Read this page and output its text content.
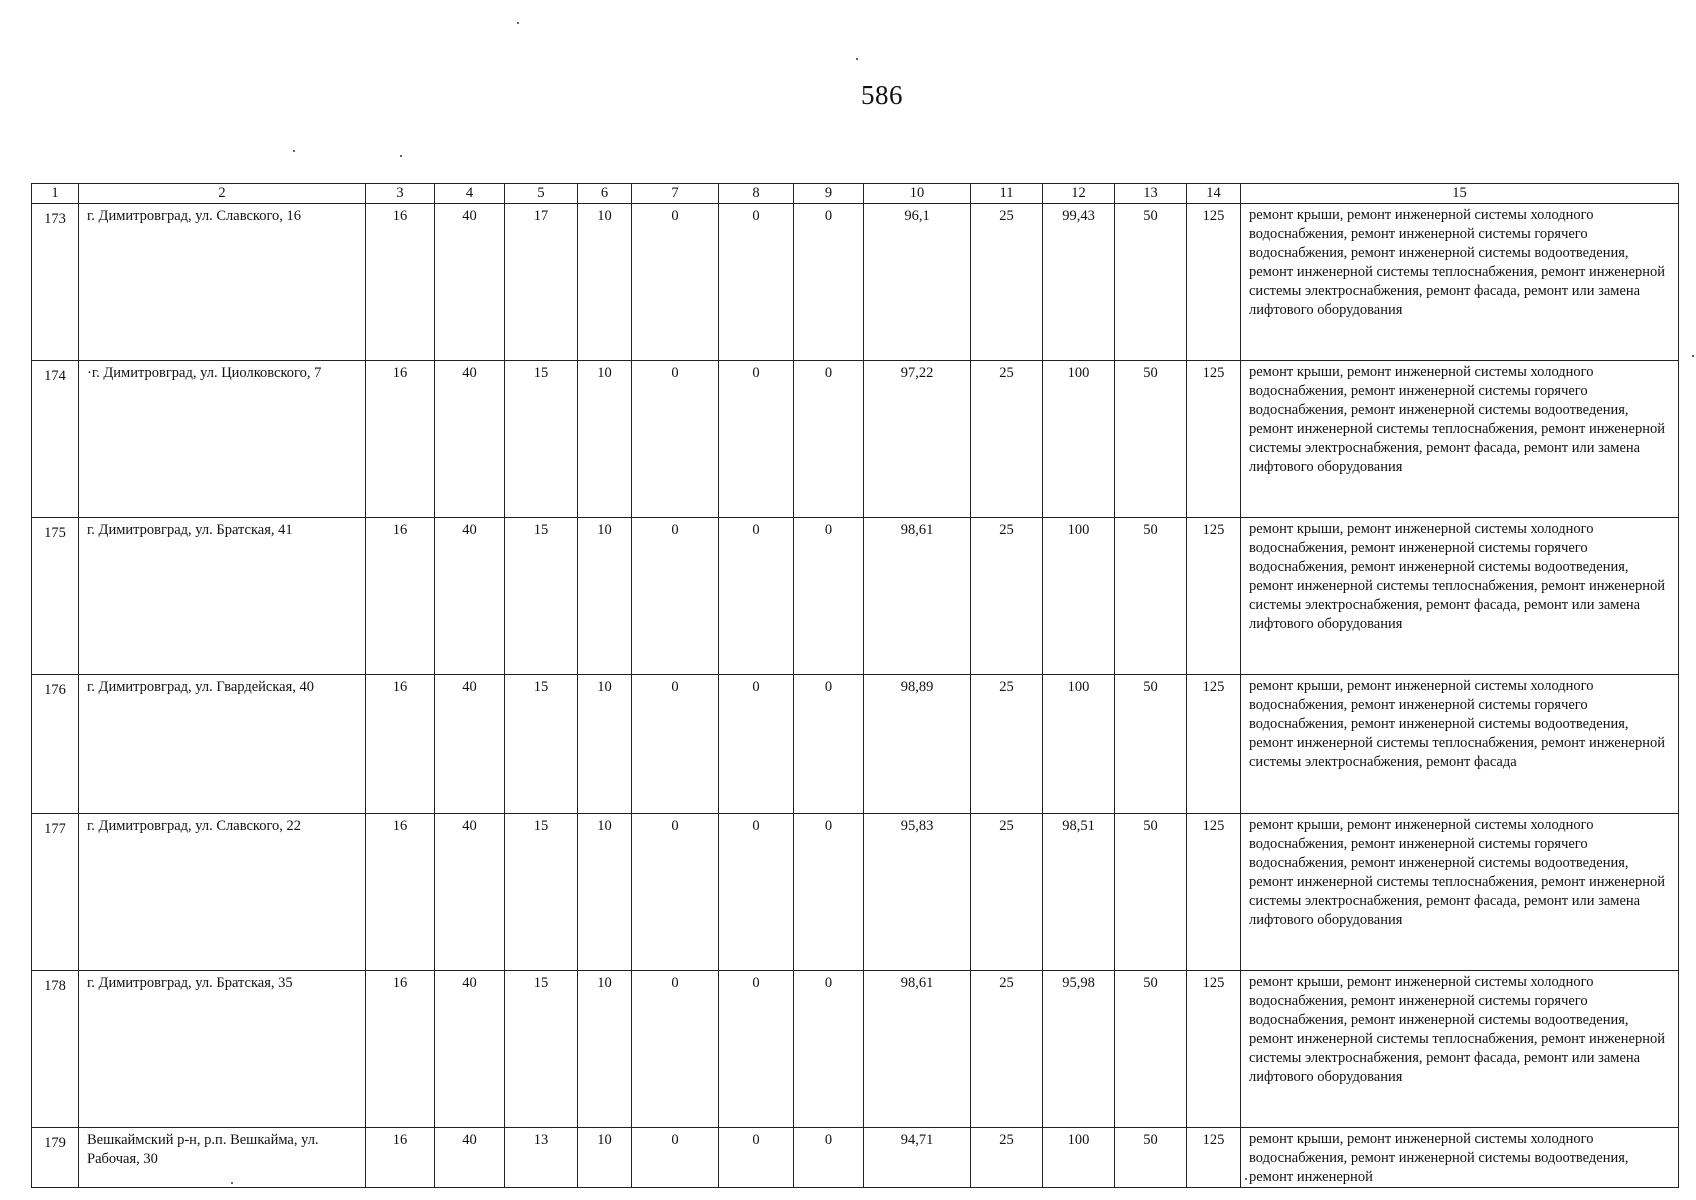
586
1	2	3	4	5	6	7	8	9	10	11	12	13	14	15
173	г. Димитровград, ул. Славского, 16	16	40	17	10	0	0	0	96,1	25	99,43	50	125	ремонт крыши, ремонт инженерной системы холодного водоснабжения, ремонт инженерной системы горячего водоснабжения, ремонт инженерной системы водоотведения, ремонт инженерной системы теплоснабжения, ремонт инженерной системы электроснабжения, ремонт фасада, ремонт или замена лифтового оборудования
174	·г. Димитровград, ул. Циолковского, 7	16	40	15	10	0	0	0	97,22	25	100	50	125	ремонт крыши, ремонт инженерной системы холодного водоснабжения, ремонт инженерной системы горячего водоснабжения, ремонт инженерной системы водоотведения, ремонт инженерной системы теплоснабжения, ремонт инженерной системы электроснабжения, ремонт фасада, ремонт или замена лифтового оборудования
175	г. Димитровград, ул. Братская, 41	16	40	15	10	0	0	0	98,61	25	100	50	125	ремонт крыши, ремонт инженерной системы холодного водоснабжения, ремонт инженерной системы горячего водоснабжения, ремонт инженерной системы водоотведения, ремонт инженерной системы теплоснабжения, ремонт инженерной системы электроснабжения, ремонт фасада, ремонт или замена лифтового оборудования
176	г. Димитровград, ул. Гвардейская, 40	16	40	15	10	0	0	0	98,89	25	100	50	125	ремонт крыши, ремонт инженерной системы холодного водоснабжения, ремонт инженерной системы горячего водоснабжения, ремонт инженерной системы водоотведения, ремонт инженерной системы теплоснабжения, ремонт инженерной системы электроснабжения, ремонт фасада
177	г. Димитровград, ул. Славского, 22	16	40	15	10	0	0	0	95,83	25	98,51	50	125	ремонт крыши, ремонт инженерной системы холодного водоснабжения, ремонт инженерной системы горячего водоснабжения, ремонт инженерной системы водоотведения, ремонт инженерной системы теплоснабжения, ремонт инженерной системы электроснабжения, ремонт фасада, ремонт или замена лифтового оборудования
178	г. Димитровград, ул. Братская, 35	16	40	15	10	0	0	0	98,61	25	95,98	50	125	ремонт крыши, ремонт инженерной системы холодного водоснабжения, ремонт инженерной системы горячего водоснабжения, ремонт инженерной системы водоотведения, ремонт инженерной системы теплоснабжения, ремонт инженерной системы электроснабжения, ремонт фасада, ремонт или замена лифтового оборудования
179	Вешкаймский р-н, р.п. Вешкайма, ул. Рабочая, 30	16	40	13	10	0	0	0	94,71	25	100	50	125	ремонт крыши, ремонт инженерной системы холодного водоснабжения, ремонт инженерной системы водоотведения, ремонт инженерной
